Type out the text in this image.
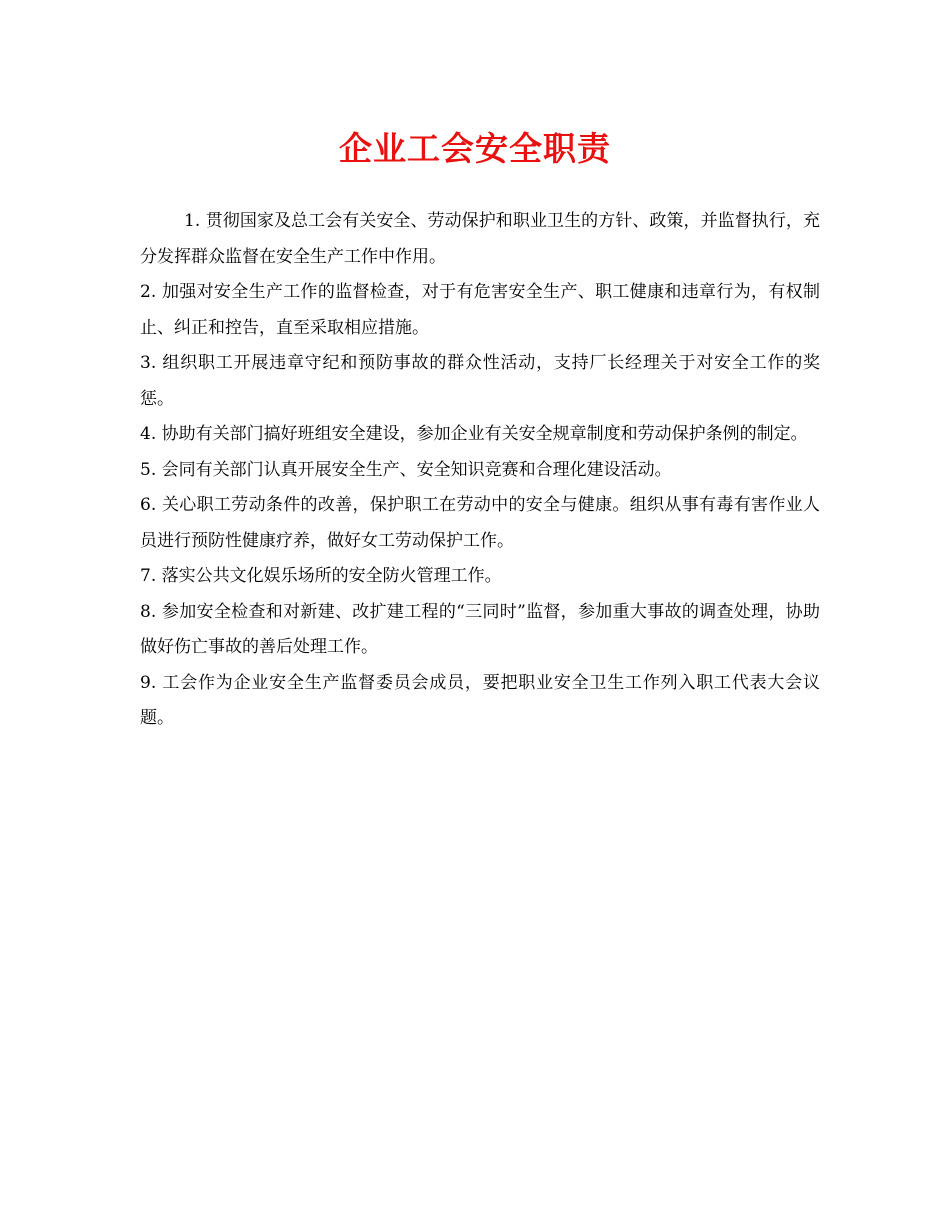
企业工会安全职责

1. 贯彻国家及总工会有关安全、劳动保护和职业卫生的方针、政策，并监督执行，充分发挥群众监督在安全生产工作中作用。

2. 加强对安全生产工作的监督检查，对于有危害安全生产、职工健康和违章行为，有权制止、纠正和控告，直至采取相应措施。

3. 组织职工开展违章守纪和预防事故的群众性活动，支持厂长经理关于对安全工作的奖惩。

4. 协助有关部门搞好班组安全建设，参加企业有关安全规章制度和劳动保护条例的制定。

5. 会同有关部门认真开展安全生产、安全知识竞赛和合理化建设活动。

6. 关心职工劳动条件的改善，保护职工在劳动中的安全与健康。组织从事有毒有害作业人员进行预防性健康疗养，做好女工劳动保护工作。

7. 落实公共文化娱乐场所的安全防火管理工作。

8. 参加安全检查和对新建、改扩建工程的“三同时”监督，参加重大事故的调查处理，协助做好伤亡事故的善后处理工作。

9. 工会作为企业安全生产监督委员会成员，要把职业安全卫生工作列入职工代表大会议题。
